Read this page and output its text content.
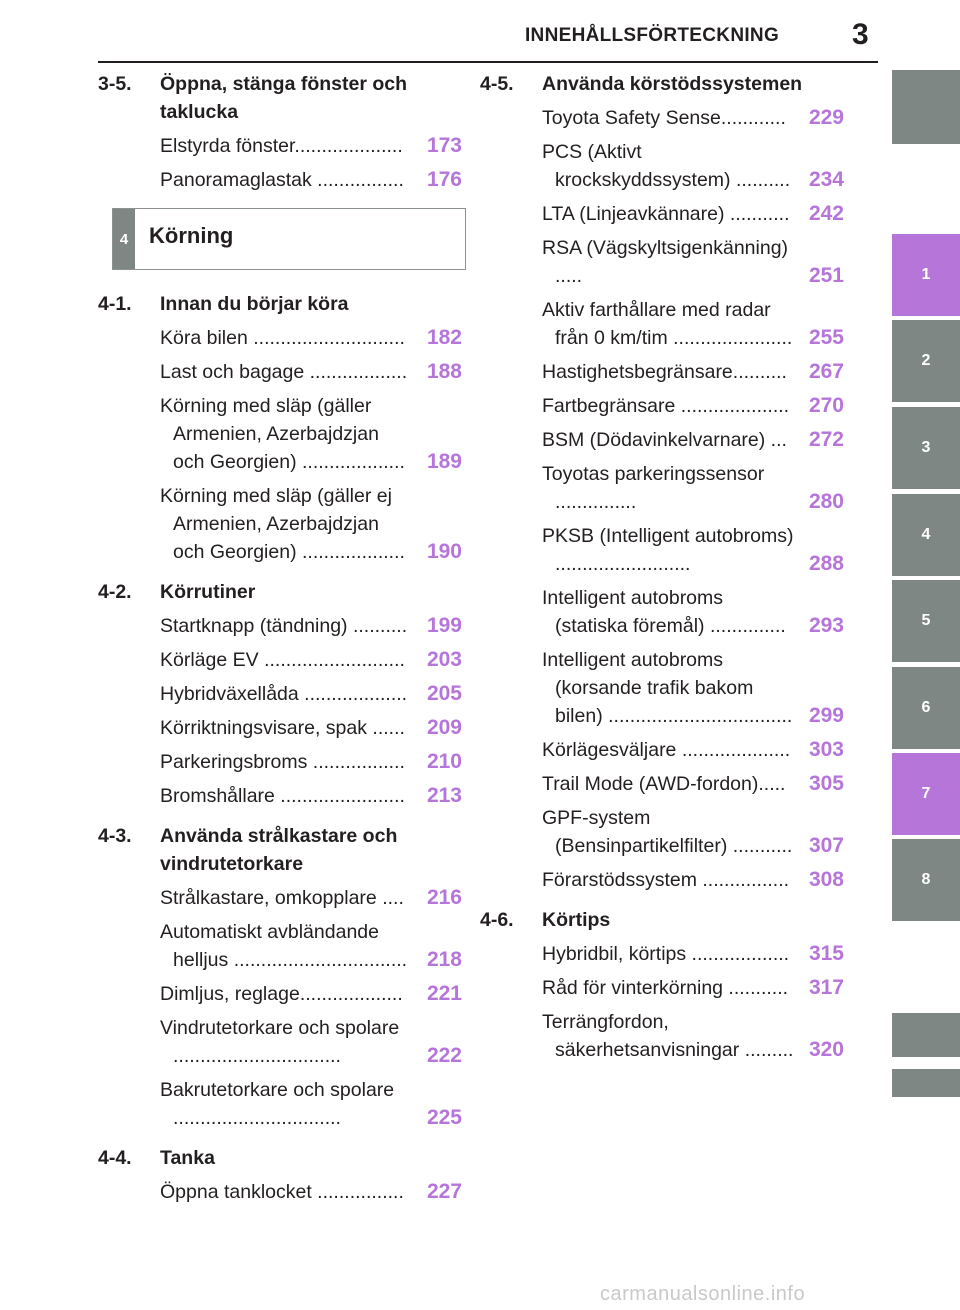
INNEHÅLLSFÖRTECKNING 3
3-5.	Öppna, stänga fönster och taklucka
Elstyrda fönster....................	173
Panoramaglastak ................	176
4 Körning
4-1.	Innan du börjar köra
Köra bilen ............................	182
Last och bagage .................. 188
Körning med släp (gäller Armenien, Azerbajdzjan och Georgien) ...................	189
Körning med släp (gäller ej Armenien, Azerbajdzjan och Georgien) ...................	190
4-2.	Körrutiner
Startknapp (tändning) .......... 199
Körläge EV ..........................	203
Hybridväxellåda ................... 205
Körriktningsvisare, spak ......	209
Parkeringsbroms .................	210
Bromshållare .......................	213
4-3.	Använda strålkastare och vindrutetorkare
Strålkastare, omkopplare ....	216
Automatiskt avbländande helljus ................................ 218
Dimljus, reglage...................	221
Vindrutetorkare och spolare ...............................	222
Bakrutetorkare och spolare ...............................	225
4-4.	Tanka
Öppna tanklocket ................	227
4-5.	Använda körstödssystemen
Toyota Safety Sense............	229
PCS (Aktivt krockskyddssystem) .......... 234
LTA (Linjeavkännare) ........... 242
RSA (Vägskyltsigenkänning) .....	251
Aktiv farthållare med radar från 0 km/tim ...................... 255
Hastighetsbegränsare..........	267
Fartbegränsare .................... 270
BSM (Dödavinkelvarnare) ...	272
Toyotas parkeringssensor ...............	280
PKSB (Intelligent autobroms) .........................	288
Intelligent autobroms (statiska föremål) ..............	293
Intelligent autobroms (korsande trafik bakom bilen) .................................. 299
Körlägesväljare .................... 303
Trail Mode (AWD-fordon).....	305
GPF-system (Bensinpartikelfilter) ........... 307
Förarstödssystem ................ 308
4-6.	Körtips
Hybridbil, körtips .................. 315
Råd för vinterkörning ........... 317
Terrängfordon, säkerhetsanvisningar ......... 320
1
2
3
4
5
6
7
8
carmanualsonline.info
